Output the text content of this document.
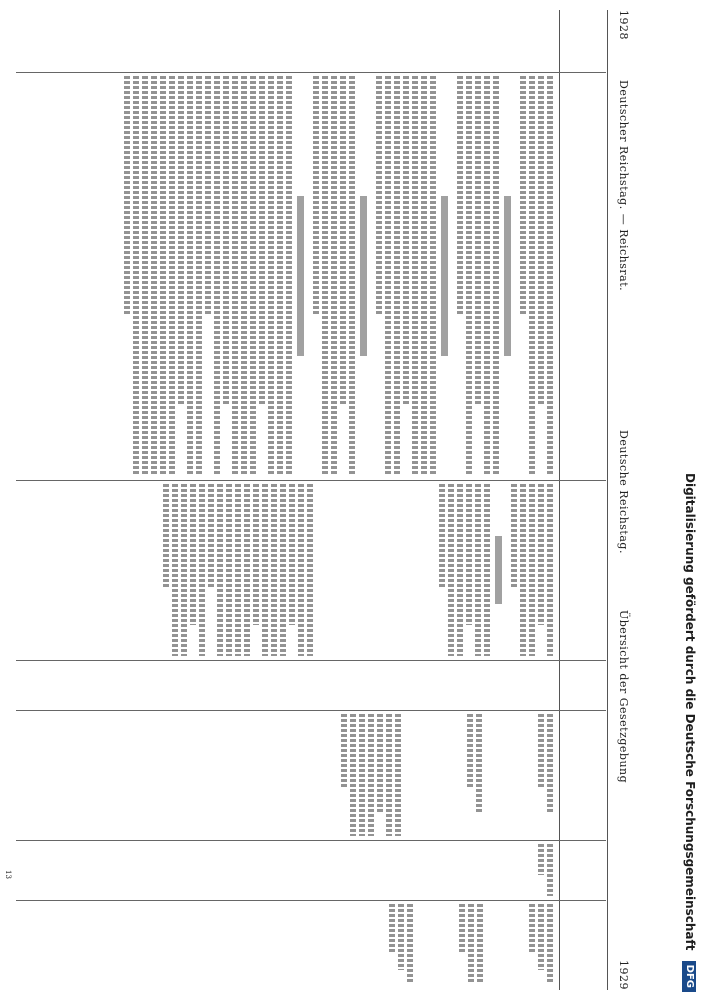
Digitalisierung gefördert durch die Deutsche Forschungsgemeinschaft DFG
1928
Deutscher Reichstag. — Reichsrat.
Deutsche Reichstag.
Übersicht der Gesetzgebung
1929
13
